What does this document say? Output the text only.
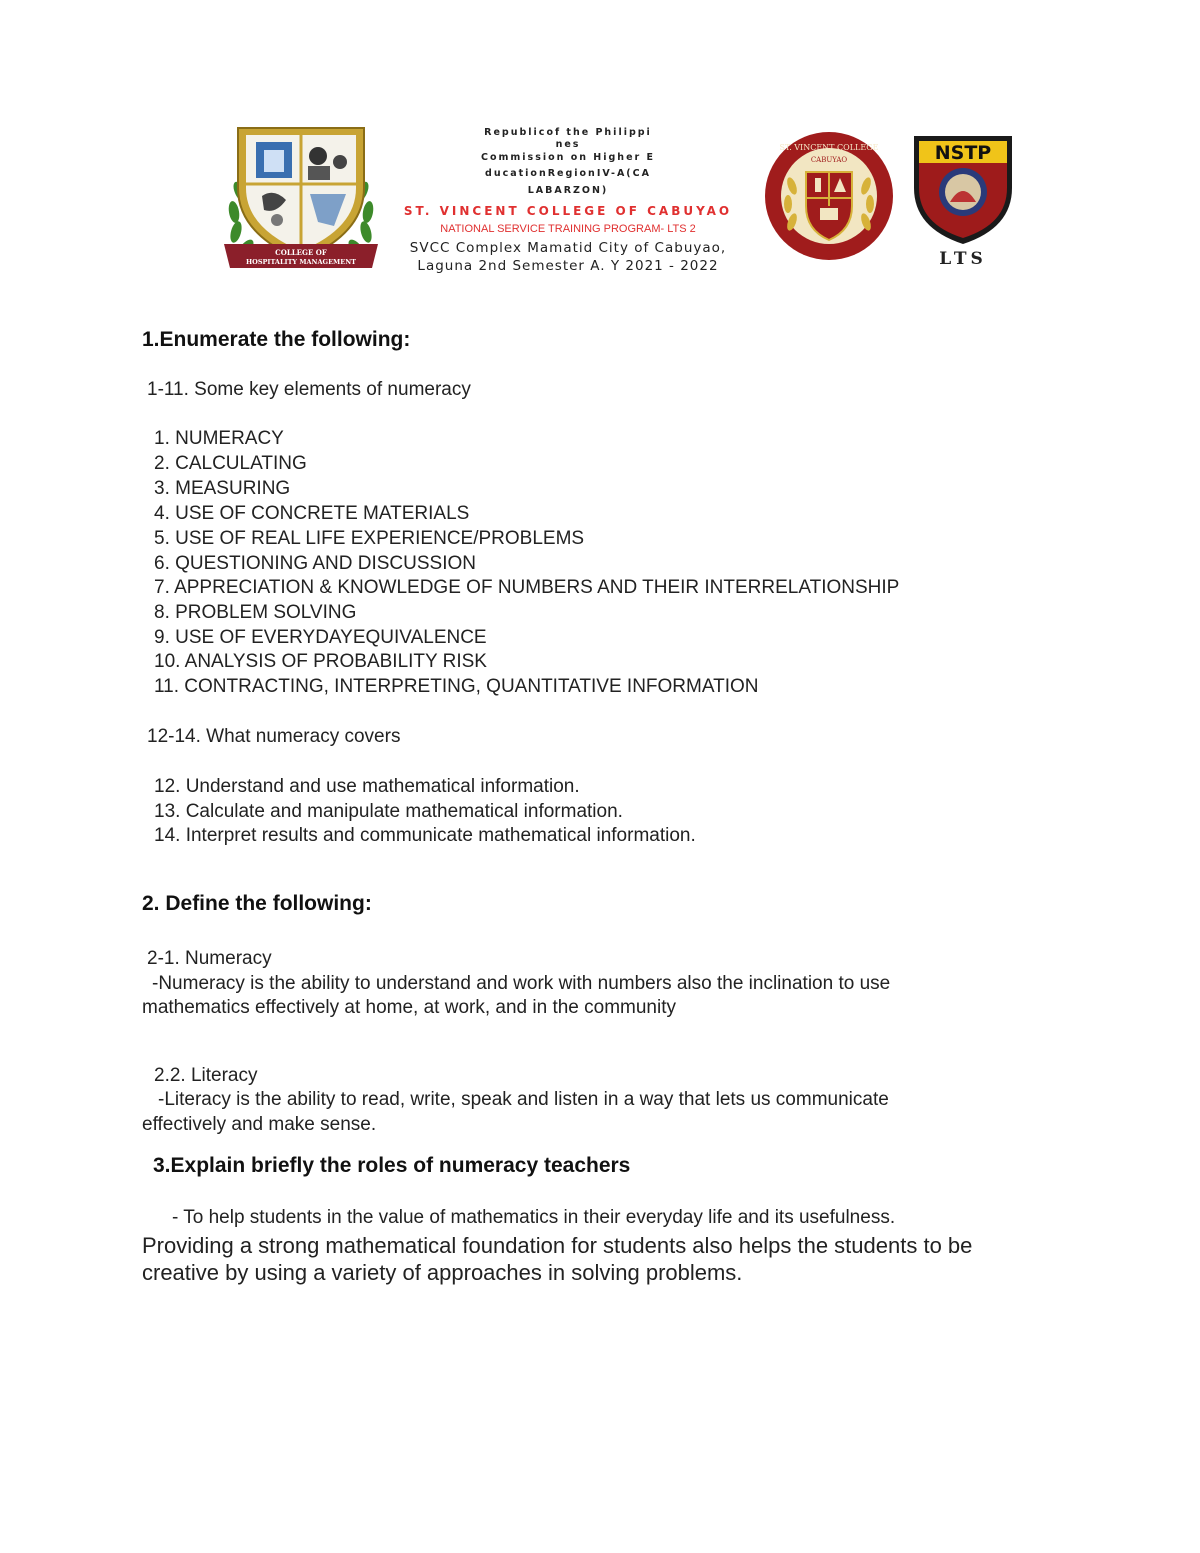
COLLEGE OF
HOSPITALITY MANAGEMENT
ST. VINCENT COLLEGE
CABUYAO
1982
NSTP
LTS
Republicof the Philippi
nes
Commission on Higher E
ducationRegionIV-A(CA
LABARZON)
ST. VINCENT COLLEGE OF CABUYAO
NATIONAL SERVICE TRAINING PROGRAM- LTS 2
SVCC Complex Mamatid City of Cabuyao,
Laguna 2nd Semester A. Y 2021 - 2022
1.Enumerate the following:
1-11. Some key elements of numeracy
1. NUMERACY
2. CALCULATING
3. MEASURING
4. USE OF CONCRETE MATERIALS
5. USE OF REAL LIFE EXPERIENCE/PROBLEMS
6. QUESTIONING AND DISCUSSION
7. APPRECIATION & KNOWLEDGE OF NUMBERS AND THEIR INTERRELATIONSHIP
8. PROBLEM SOLVING
9. USE OF EVERYDAYEQUIVALENCE
10. ANALYSIS OF PROBABILITY RISK
11. CONTRACTING, INTERPRETING, QUANTITATIVE INFORMATION
12-14. What numeracy covers
12. Understand and use mathematical information.
13. Calculate and manipulate mathematical information.
14. Interpret results and communicate mathematical information.
2. Define the following:
2-1. Numeracy
-Numeracy is the ability to understand and work with numbers also the inclination to use
mathematics effectively at home, at work, and in the community
2.2. Literacy
-Literacy is the ability to read, write, speak and listen in a way that lets us communicate
effectively and make sense.
3.Explain briefly the roles of numeracy teachers
- To help students in the value of mathematics in their everyday life and its usefulness.
Providing a strong mathematical foundation for students also helps the students to be
creative by using a variety of approaches in solving problems.
